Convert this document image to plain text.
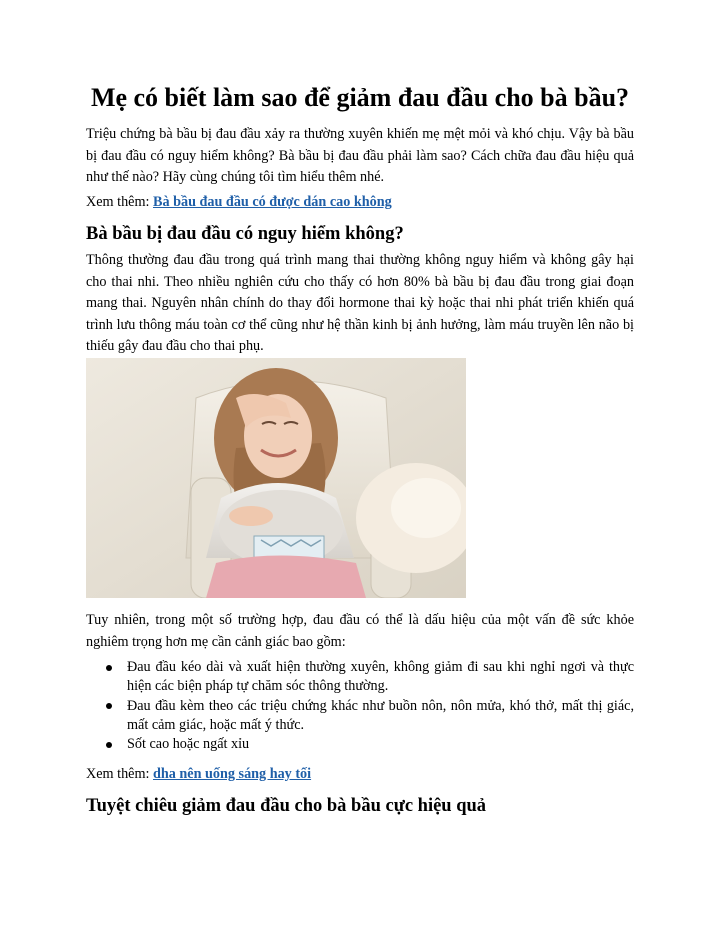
Mẹ có biết làm sao để giảm đau đầu cho bà bầu?

Triệu chứng bà bầu bị đau đầu xảy ra thường xuyên khiến mẹ mệt mỏi và khó chịu. Vậy bà bầu bị đau đầu có nguy hiểm không? Bà bầu bị đau đầu phải làm sao? Cách chữa đau đầu hiệu quả như thế nào? Hãy cùng chúng tôi tìm hiểu thêm nhé.

Xem thêm: Bà bầu đau đầu có được dán cao không

Bà bầu bị đau đầu có nguy hiểm không?

Thông thường đau đầu trong quá trình mang thai thường không nguy hiểm và không gây hại cho thai nhi. Theo nhiều nghiên cứu cho thấy có hơn 80% bà bầu bị đau đầu trong giai đoạn mang thai. Nguyên nhân chính do thay đổi hormone thai kỳ hoặc thai nhi phát triển khiến quá trình lưu thông máu toàn cơ thể cũng như hệ thần kinh bị ảnh hưởng, làm máu truyền lên não bị thiếu gây đau đầu cho thai phụ.

Tuy nhiên, trong một số trường hợp, đau đầu có thể là dấu hiệu của một vấn đề sức khỏe nghiêm trọng hơn mẹ cần cảnh giác bao gồm:

Đau đầu kéo dài và xuất hiện thường xuyên, không giảm đi sau khi nghỉ ngơi và thực hiện các biện pháp tự chăm sóc thông thường.
Đau đầu kèm theo các triệu chứng khác như buồn nôn, nôn mửa, khó thở, mất thị giác, mất cảm giác, hoặc mất ý thức.
Sốt cao hoặc ngất xỉu

Xem thêm: dha nên uống sáng hay tối

Tuyệt chiêu giảm đau đầu cho bà bầu cực hiệu quả
